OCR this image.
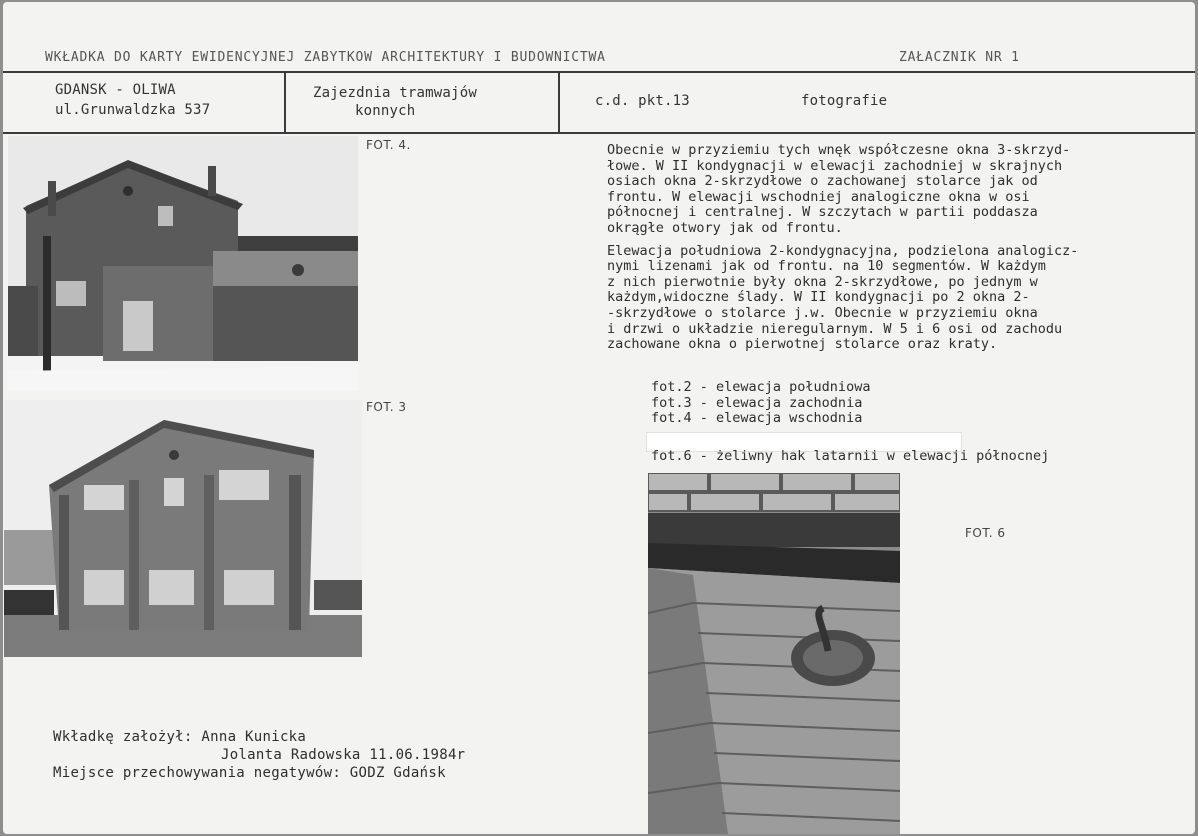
WKŁADKA DO KARTY EWIDENCYJNEJ ZABYTKOW ARCHITEKTURY I BUDOWNICTWA	ZAŁACZNIK NR 1
GDANSK - OLIWA
ul.Grunwaldzka 537
Zajezdnia tramwajów
konnych
c.d. pkt.13	fotografie
FOT. 4.
FOT. 3
Obecnie w przyziemiu tych wnęk współczesne okna 3-skrzyd-
łowe. W II kondygnacji w elewacji zachodniej w skrajnych
osiach okna 2-skrzydłowe o zachowanej stolarce jak od
frontu. W elewacji wschodniej analogiczne okna w osi
północnej i centralnej. W szczytach w partii poddasza
okrągłe otwory jak od frontu.
Elewacja południowa 2-kondygnacyjna, podzielona analogicz-
nymi lizenami jak od frontu. na 10 segmentów. W każdym
z nich pierwotnie były okna 2-skrzydłowe, po jednym w
każdym,widoczne ślady. W II kondygnacji po 2 okna 2-
-skrzydłowe o stolarce j.w. Obecnie w przyziemiu okna
i drzwi o układzie nieregularnym. W 5 i 6 osi od zachodu
zachowane okna o pierwotnej stolarce oraz kraty.
fot.2 - elewacja południowa
fot.3 - elewacja zachodnia
fot.4 - elewacja wschodnia
fot.6 - żeliwny hak latarnii w elewacji północnej
FOT. 6
Wkładkę założył: Anna Kunicka
Jolanta Radowska 11.06.1984r
Miejsce przechowywania negatywów: GODZ Gdańsk
